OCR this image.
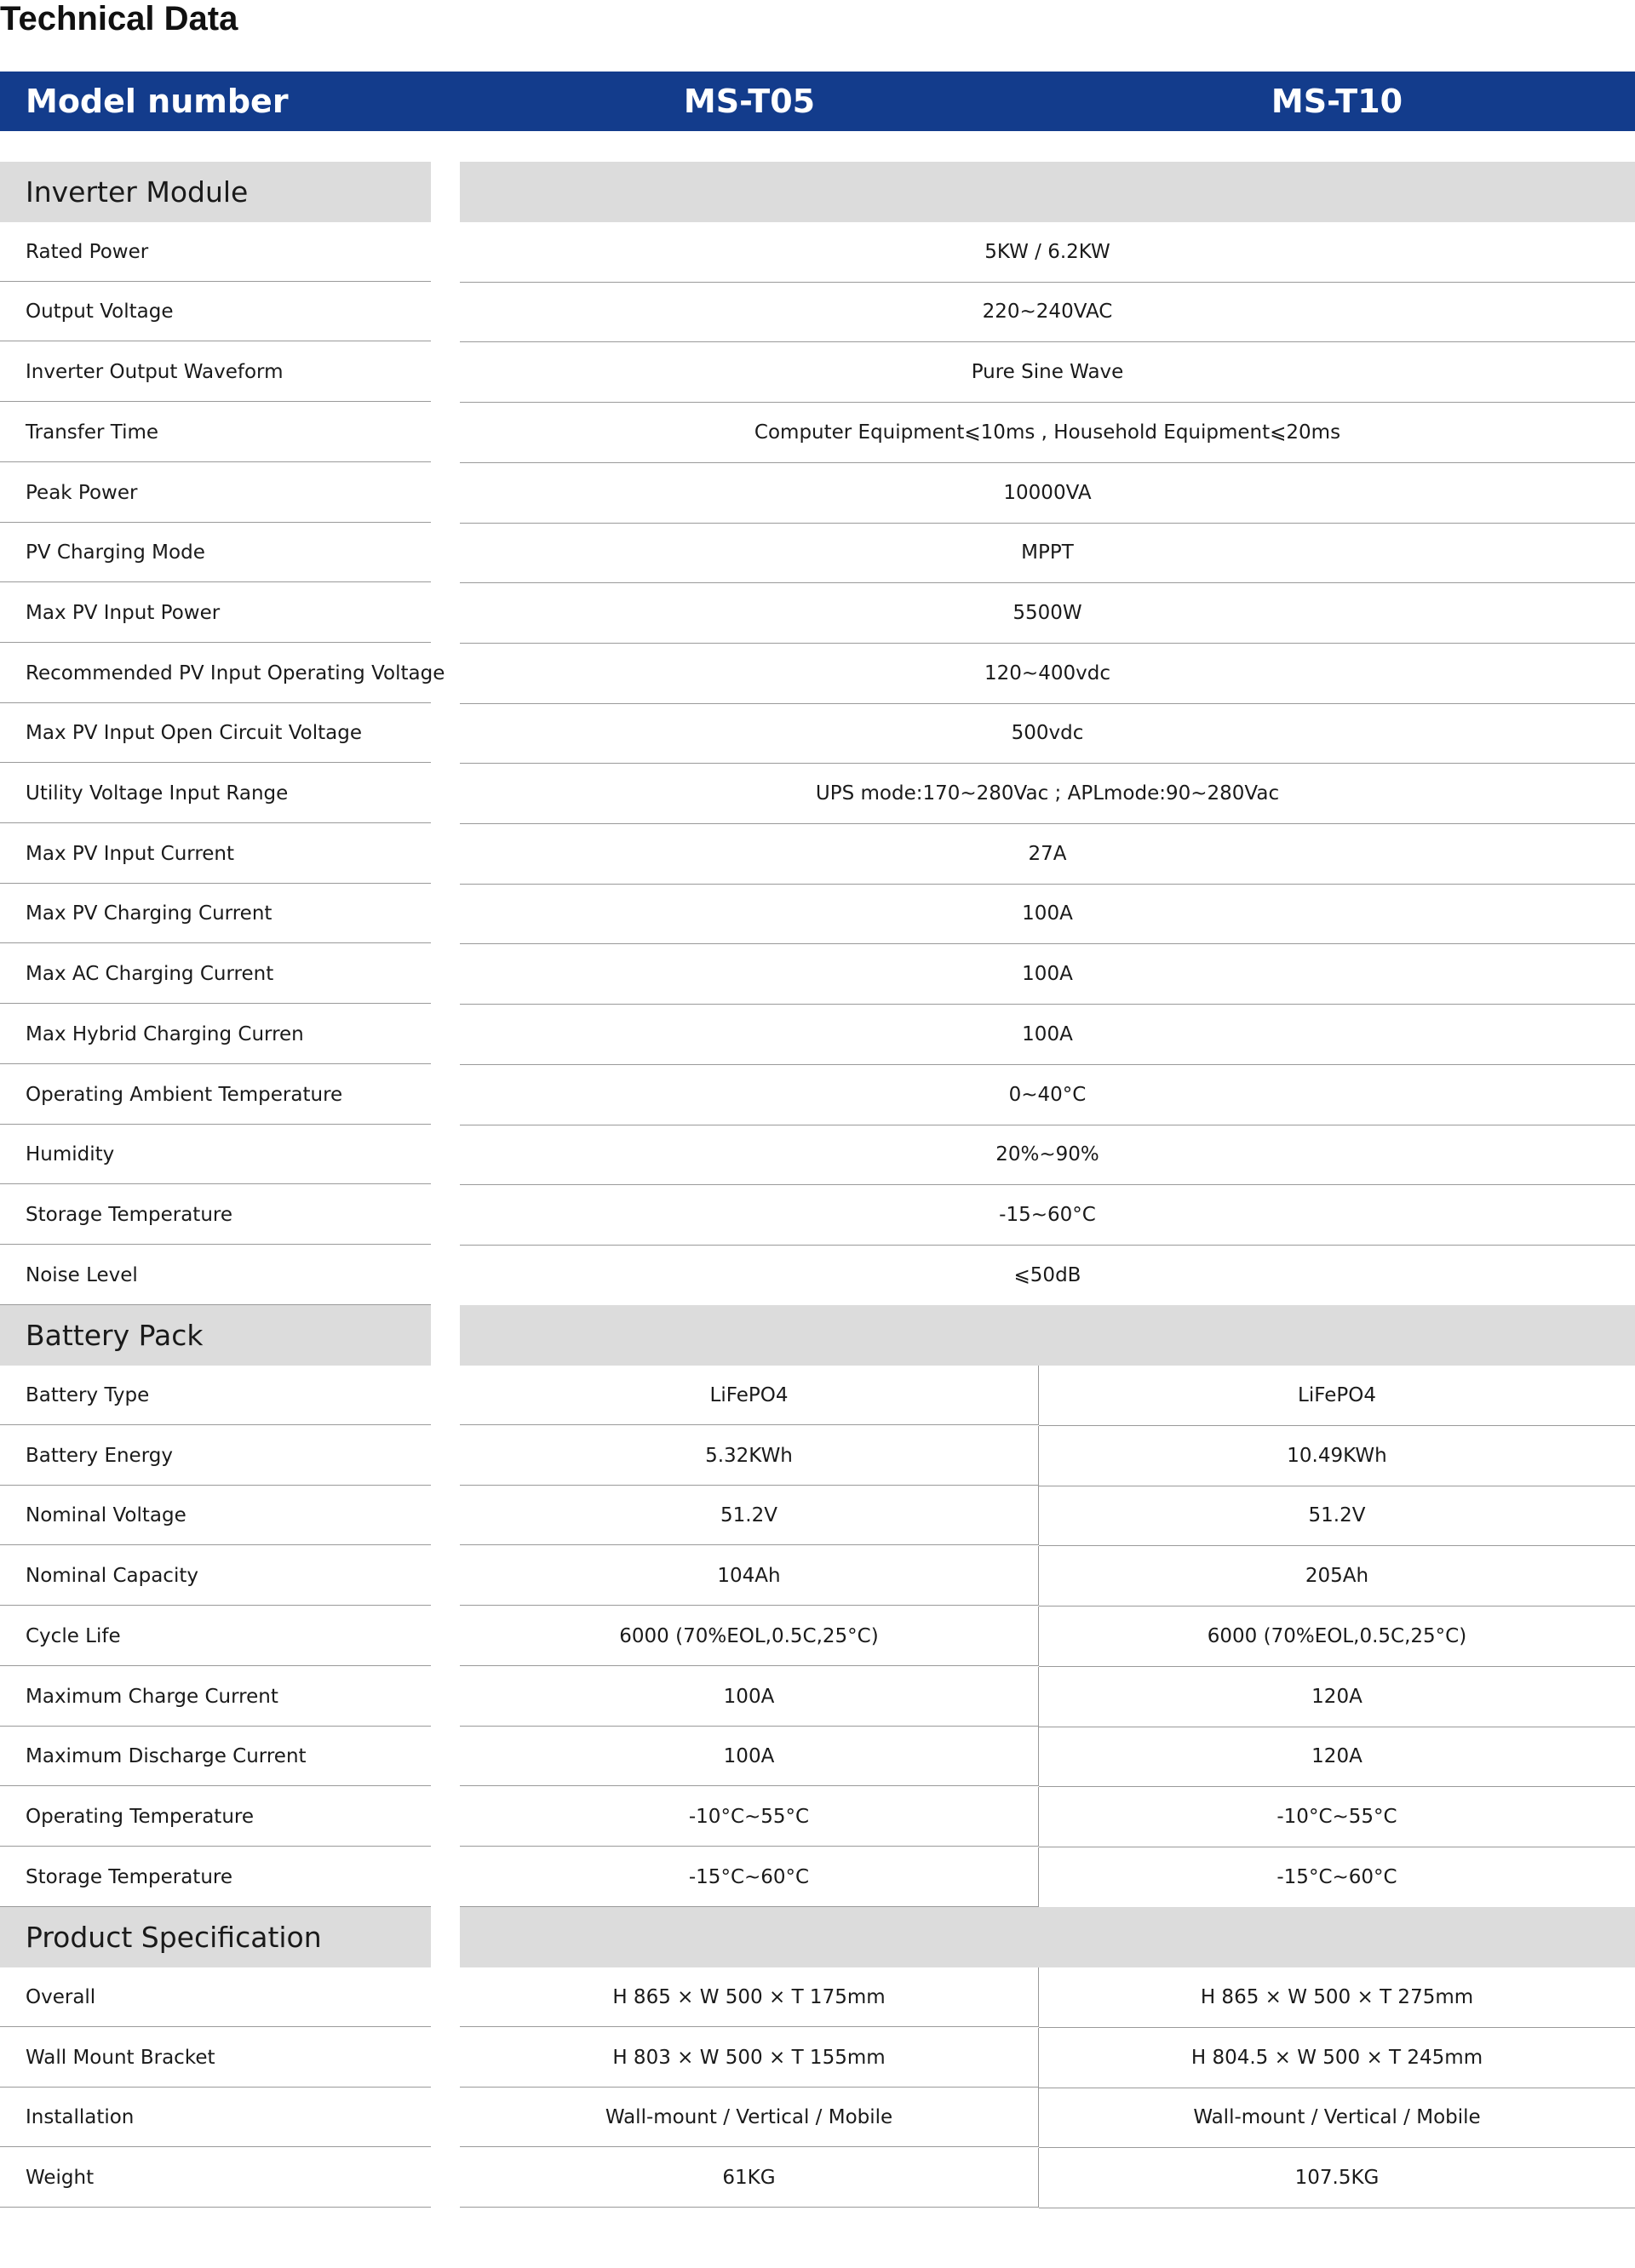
Technical Data
Model number	MS-T05	MS-T10
Inverter Module
Rated Power	5KW / 6.2KW
Output Voltage	220~240VAC
Inverter Output Waveform	Pure Sine Wave
Transfer Time	Computer Equipment⩽10ms , Household Equipment⩽20ms
Peak Power	10000VA
PV Charging Mode	MPPT
Max PV Input Power	5500W
Recommended PV Input Operating Voltage	120~400vdc
Max PV Input Open Circuit Voltage	500vdc
Utility Voltage Input Range	UPS mode:170~280Vac ; APLmode:90~280Vac
Max PV Input Current	27A
Max PV Charging Current	100A
Max AC Charging Current	100A
Max Hybrid Charging Curren	100A
Operating Ambient Temperature	0~40°C
Humidity	20%~90%
Storage Temperature	-15~60°C
Noise Level	⩽50dB
Battery Pack
Battery Type	LiFePO4	LiFePO4
Battery Energy	5.32KWh	10.49KWh
Nominal Voltage	51.2V	51.2V
Nominal Capacity	104Ah	205Ah
Cycle Life	6000 (70%EOL,0.5C,25°C)	6000 (70%EOL,0.5C,25°C)
Maximum Charge Current	100A	120A
Maximum Discharge Current	100A	120A
Operating Temperature	-10°C~55°C	-10°C~55°C
Storage Temperature	-15°C~60°C	-15°C~60°C
Product Specification
Overall	H 865 × W 500 × T 175mm	H 865 × W 500 × T 275mm
Wall Mount Bracket	H 803 × W 500 × T 155mm	H 804.5 × W 500 × T 245mm
Installation	Wall-mount / Vertical / Mobile	Wall-mount / Vertical / Mobile
Weight	61KG	107.5KG
